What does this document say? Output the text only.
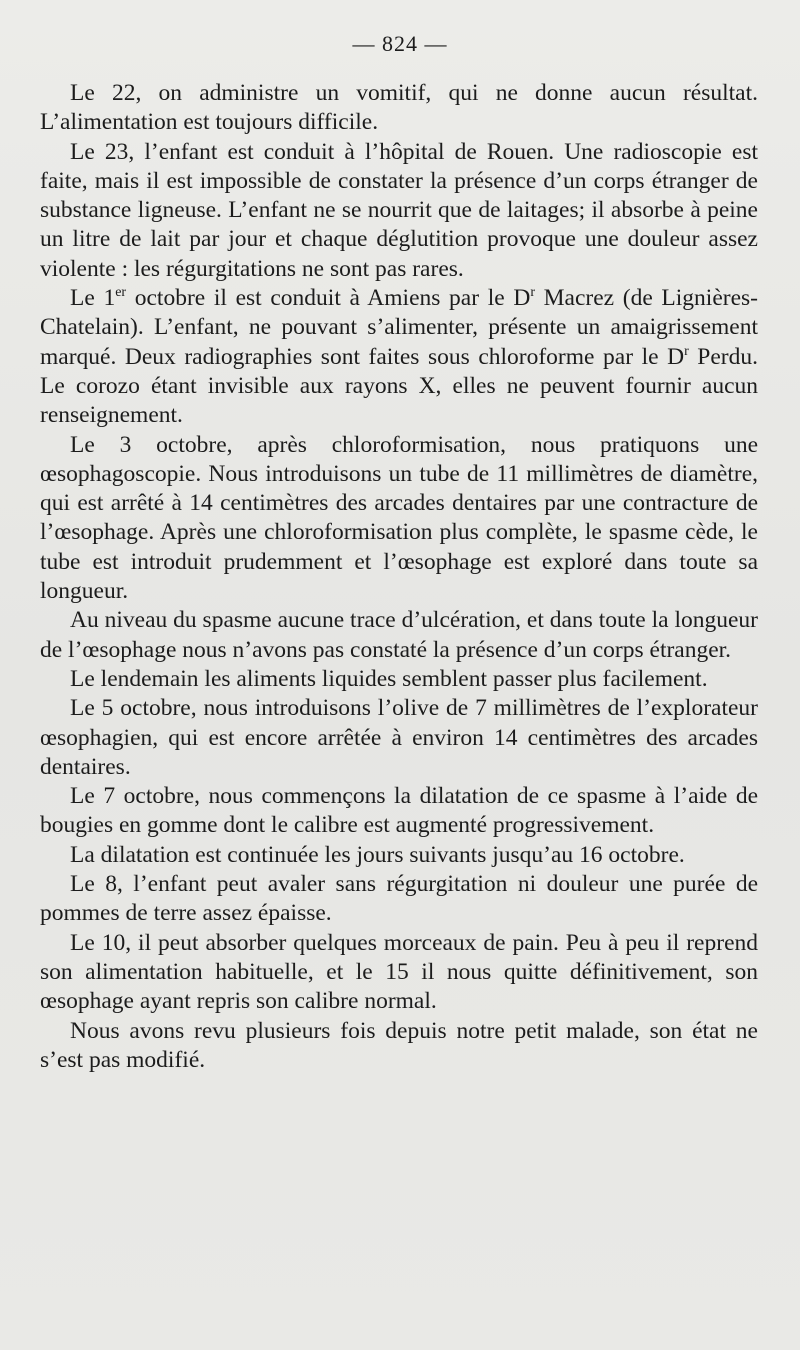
— 824 —

Le 22, on administre un vomitif, qui ne donne aucun résultat. L’alimentation est toujours difficile.

Le 23, l’enfant est conduit à l’hôpital de Rouen. Une radioscopie est faite, mais il est impossible de constater la présence d’un corps étranger de substance ligneuse. L’enfant ne se nourrit que de laitages; il absorbe à peine un litre de lait par jour et chaque déglutition provoque une douleur assez violente : les régurgitations ne sont pas rares.

Le 1er octobre il est conduit à Amiens par le $D^r$ Macrez (de Lignières-Chatelain). L’enfant, ne pouvant s’alimenter, présente un amaigrissement marqué. Deux radiographies sont faites sous chloroforme par le $D^r$ Perdu. Le corozo étant invisible aux rayons X, elles ne peuvent fournir aucun renseignement.

Le 3 octobre, après chloroformisation, nous pratiquons une œsophagoscopie. Nous introduisons un tube de 11 millimètres de diamètre, qui est arrêté à 14 centimètres des arcades dentaires par une contracture de l’œsophage. Après une chloroformisation plus complète, le spasme cède, le tube est introduit prudemment et l’œsophage est exploré dans toute sa longueur.

Au niveau du spasme aucune trace d’ulcération, et dans toute la longueur de l’œsophage nous n’avons pas constaté la présence d’un corps étranger.

Le lendemain les aliments liquides semblent passer plus facilement.

Le 5 octobre, nous introduisons l’olive de 7 millimètres de l’explorateur œsophagien, qui est encore arrêtée à environ 14 centimètres des arcades dentaires.

Le 7 octobre, nous commençons la dilatation de ce spasme à l’aide de bougies en gomme dont le calibre est augmenté progressivement.

La dilatation est continuée les jours suivants jusqu’au 16 octobre.

Le 8, l’enfant peut avaler sans régurgitation ni douleur une purée de pommes de terre assez épaisse.

Le 10, il peut absorber quelques morceaux de pain. Peu à peu il reprend son alimentation habituelle, et le 15 il nous quitte définitivement, son œsophage ayant repris son calibre normal.

Nous avons revu plusieurs fois depuis notre petit malade, son état ne s’est pas modifié.
